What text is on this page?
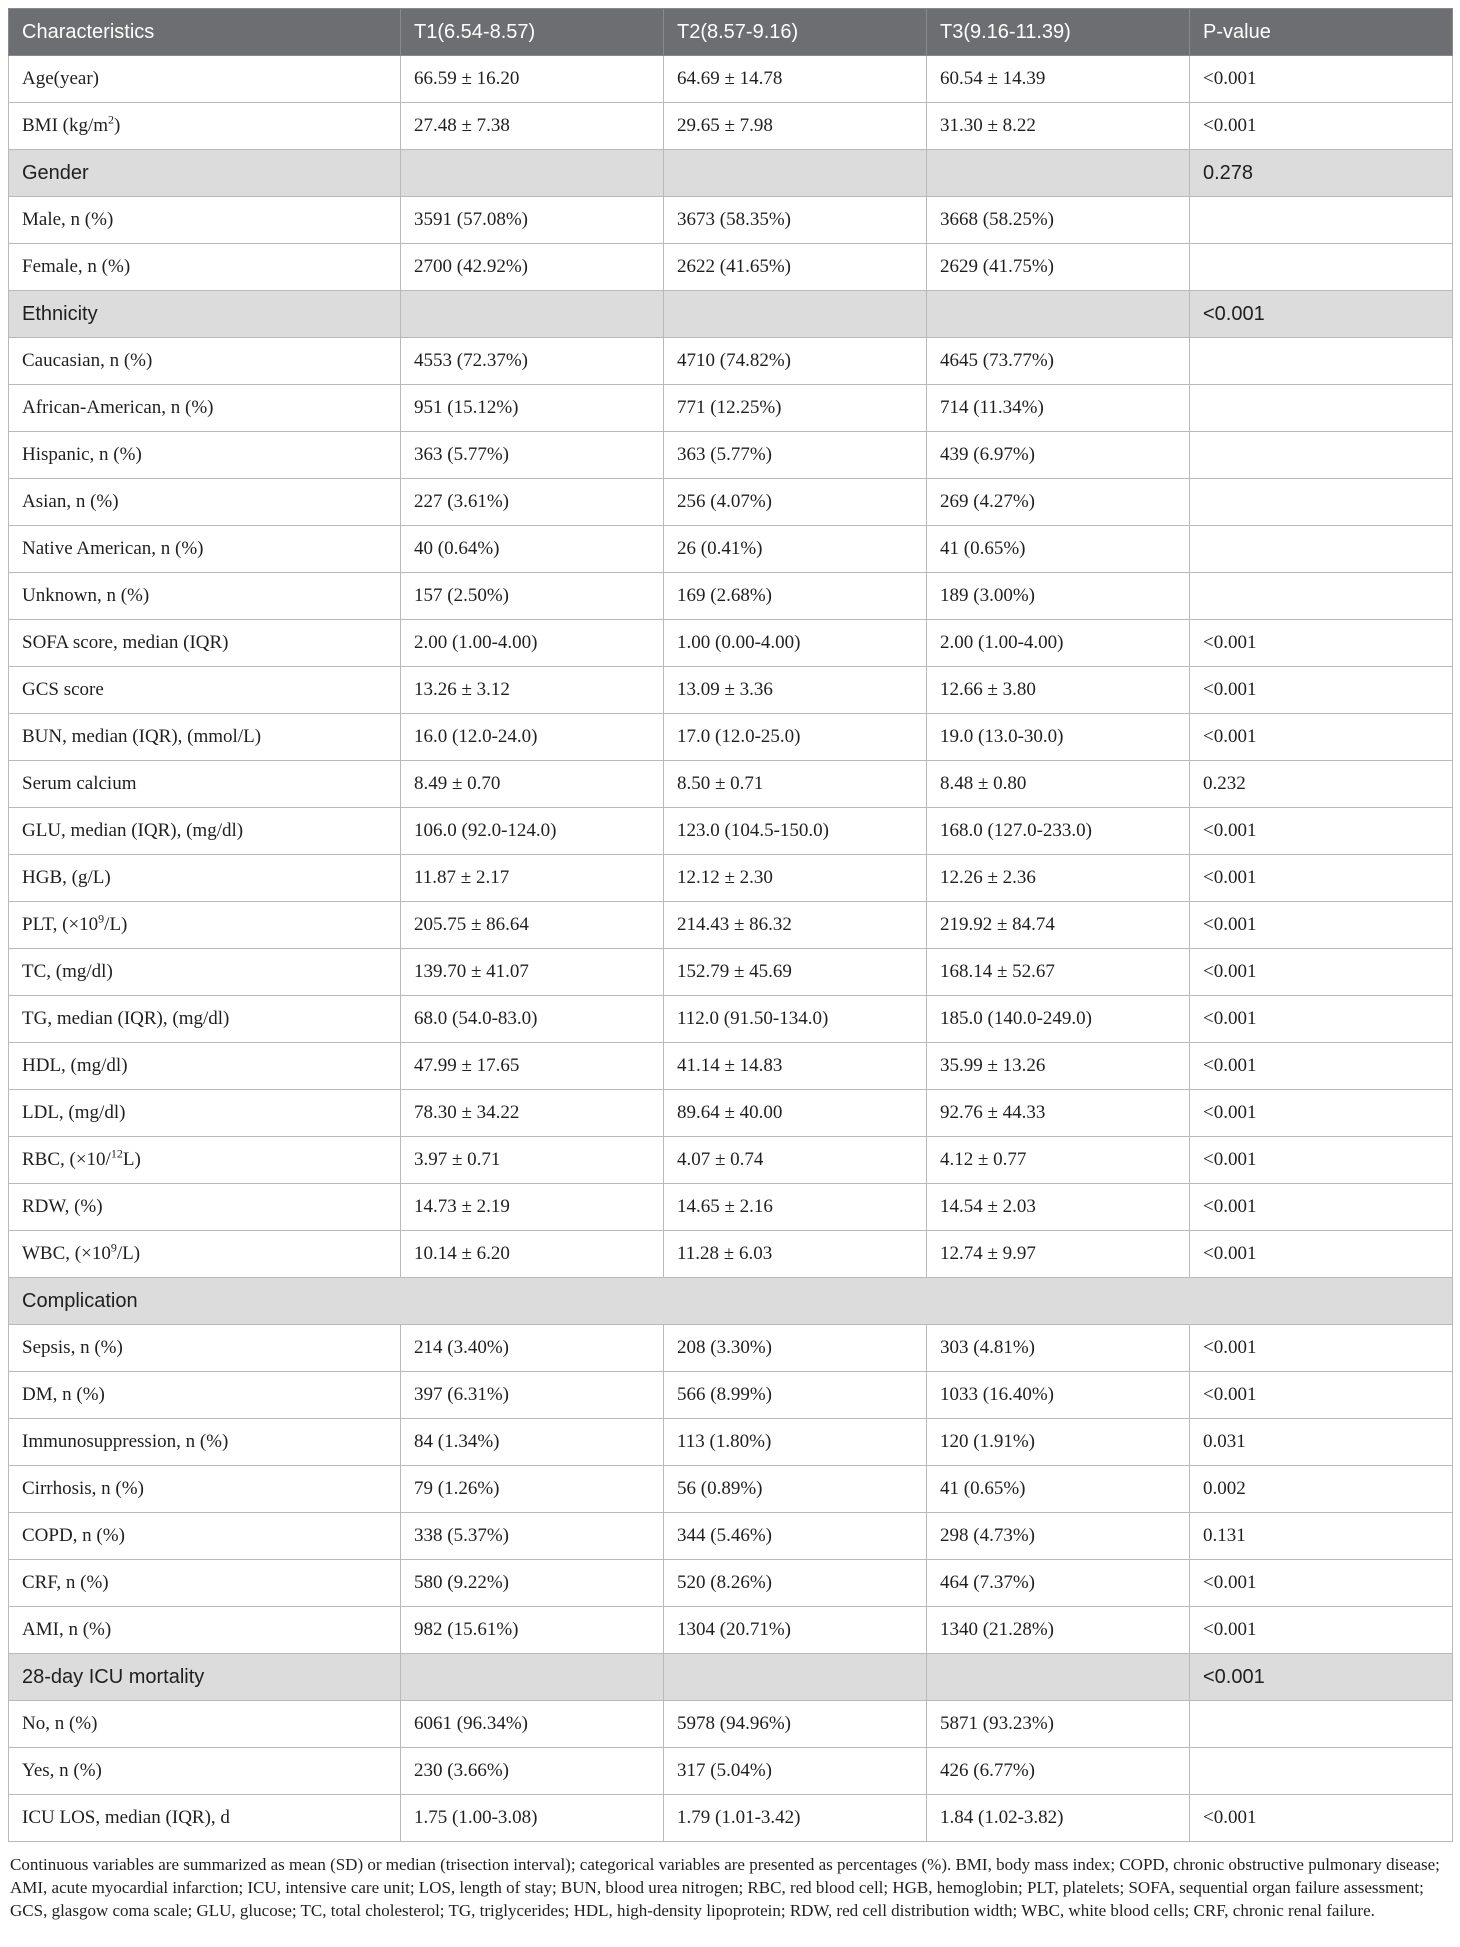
Characteristics	T1(6.54-8.57)	T2(8.57-9.16)	T3(9.16-11.39)	P-value
Age(year)	66.59 ± 16.20	64.69 ± 14.78	60.54 ± 14.39	<0.001
BMI $(kg/m^2)$	27.48 ± 7.38	29.65 ± 7.98	31.30 ± 8.22	<0.001
Gender				0.278
Male, n (%)	3591 (57.08%)	3673 (58.35%)	3668 (58.25%)	
Female, n (%)	2700 (42.92%)	2622 (41.65%)	2629 (41.75%)	
Ethnicity				<0.001
Caucasian, n (%)	4553 (72.37%)	4710 (74.82%)	4645 (73.77%)	
African-American, n (%)	951 (15.12%)	771 (12.25%)	714 (11.34%)	
Hispanic, n (%)	363 (5.77%)	363 (5.77%)	439 (6.97%)	
Asian, n (%)	227 (3.61%)	256 (4.07%)	269 (4.27%)	
Native American, n (%)	40 (0.64%)	26 (0.41%)	41 (0.65%)	
Unknown, n (%)	157 (2.50%)	169 (2.68%)	189 (3.00%)	
SOFA score, median (IQR)	2.00 (1.00-4.00)	1.00 (0.00-4.00)	2.00 (1.00-4.00)	<0.001
GCS score	13.26 ± 3.12	13.09 ± 3.36	12.66 ± 3.80	<0.001
BUN, median (IQR), (mmol/L)	16.0 (12.0-24.0)	17.0 (12.0-25.0)	19.0 (13.0-30.0)	<0.001
Serum calcium	8.49 ± 0.70	8.50 ± 0.71	8.48 ± 0.80	0.232
GLU, median (IQR), (mg/dl)	106.0 (92.0-124.0)	123.0 (104.5-150.0)	168.0 (127.0-233.0)	<0.001
HGB, (g/L)	11.87 ± 2.17	12.12 ± 2.30	12.26 ± 2.36	<0.001
PLT, $(\times 10^9/L)$	205.75 ± 86.64	214.43 ± 86.32	219.92 ± 84.74	<0.001
TC, (mg/dl)	139.70 ± 41.07	152.79 ± 45.69	168.14 ± 52.67	<0.001
TG, median (IQR), (mg/dl)	68.0 (54.0-83.0)	112.0 (91.50-134.0)	185.0 (140.0-249.0)	<0.001
HDL, (mg/dl)	47.99 ± 17.65	41.14 ± 14.83	35.99 ± 13.26	<0.001
LDL, (mg/dl)	78.30 ± 34.22	89.64 ± 40.00	92.76 ± 44.33	<0.001
RBC, (×10/$^{12}$L)	3.97 ± 0.71	4.07 ± 0.74	4.12 ± 0.77	<0.001
RDW, (%)	14.73 ± 2.19	14.65 ± 2.16	14.54 ± 2.03	<0.001
WBC, $(\times 10^9/L)$	10.14 ± 6.20	11.28 ± 6.03	12.74 ± 9.97	<0.001
Complication				
Sepsis, n (%)	214 (3.40%)	208 (3.30%)	303 (4.81%)	<0.001
DM, n (%)	397 (6.31%)	566 (8.99%)	1033 (16.40%)	<0.001
Immunosuppression, n (%)	84 (1.34%)	113 (1.80%)	120 (1.91%)	0.031
Cirrhosis, n (%)	79 (1.26%)	56 (0.89%)	41 (0.65%)	0.002
COPD, n (%)	338 (5.37%)	344 (5.46%)	298 (4.73%)	0.131
CRF, n (%)	580 (9.22%)	520 (8.26%)	464 (7.37%)	<0.001
AMI, n (%)	982 (15.61%)	1304 (20.71%)	1340 (21.28%)	<0.001
28-day ICU mortality				<0.001
No, n (%)	6061 (96.34%)	5978 (94.96%)	5871 (93.23%)	
Yes, n (%)	230 (3.66%)	317 (5.04%)	426 (6.77%)	
ICU LOS, median (IQR), d	1.75 (1.00-3.08)	1.79 (1.01-3.42)	1.84 (1.02-3.82)	<0.001
Continuous variables are summarized as mean (SD) or median (trisection interval); categorical variables are presented as percentages (%). BMI, body mass index; COPD, chronic obstructive pulmonary disease; AMI, acute myocardial infarction; ICU, intensive care unit; LOS, length of stay; BUN, blood urea nitrogen; RBC, red blood cell; HGB, hemoglobin; PLT, platelets; SOFA, sequential organ failure assessment; GCS, glasgow coma scale; GLU, glucose; TC, total cholesterol; TG, triglycerides; HDL, high-density lipoprotein; RDW, red cell distribution width; WBC, white blood cells; CRF, chronic renal failure.
